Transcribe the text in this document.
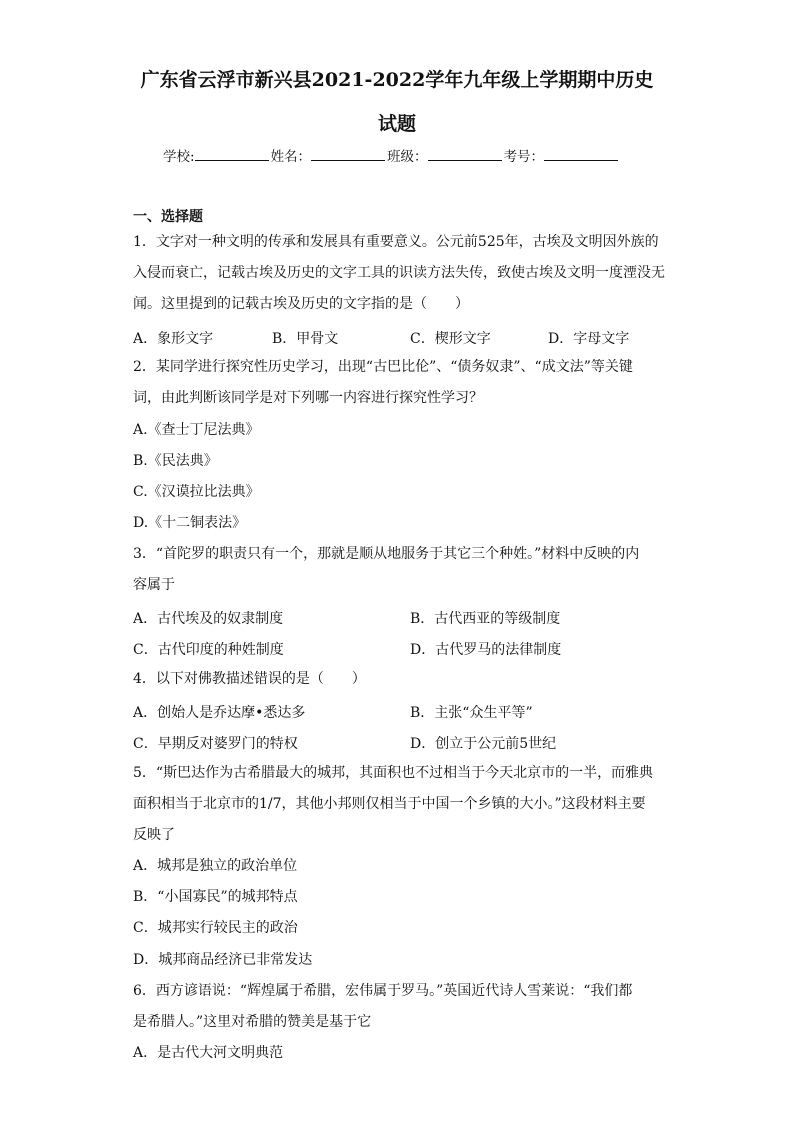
广东省云浮市新兴县2021-2022学年九年级上学期期中历史
试题
学校:	姓名：	班级：	考号：
一、选择题
1．文字对一种文明的传承和发展具有重要意义。公元前525年，古埃及文明因外族的
入侵而衰亡，记载古埃及历史的文字工具的识读方法失传，致使古埃及文明一度湮没无
闻。这里提到的记载古埃及历史的文字指的是（　　）
A．象形文字	B．甲骨文	C．楔形文字	D．字母文字
2．某同学进行探究性历史学习，出现“古巴比伦”、“债务奴隶”、“成文法”等关键
词，由此判断该同学是对下列哪一内容进行探究性学习？
A.《查士丁尼法典》
B.《民法典》
C.《汉谟拉比法典》
D.《十二铜表法》
3．“首陀罗的职责只有一个，那就是顺从地服务于其它三个种姓。”材料中反映的内
容属于
A．古代埃及的奴隶制度	B．古代西亚的等级制度
C．古代印度的种姓制度	D．古代罗马的法律制度
4．以下对佛教描述错误的是（　　）
A．创始人是乔达摩•悉达多	B．主张“众生平等”
C．早期反对婆罗门的特权	D．创立于公元前5世纪
5．“斯巴达作为古希腊最大的城邦，其面积也不过相当于今天北京市的一半，而雅典
面积相当于北京市的1/7，其他小邦则仅相当于中国一个乡镇的大小。”这段材料主要
反映了
A．城邦是独立的政治单位
B．“小国寡民”的城邦特点
C．城邦实行较民主的政治
D．城邦商品经济已非常发达
6．西方谚语说：“辉煌属于希腊，宏伟属于罗马。”英国近代诗人雪莱说：“我们都
是希腊人。”这里对希腊的赞美是基于它
A．是古代大河文明典范
